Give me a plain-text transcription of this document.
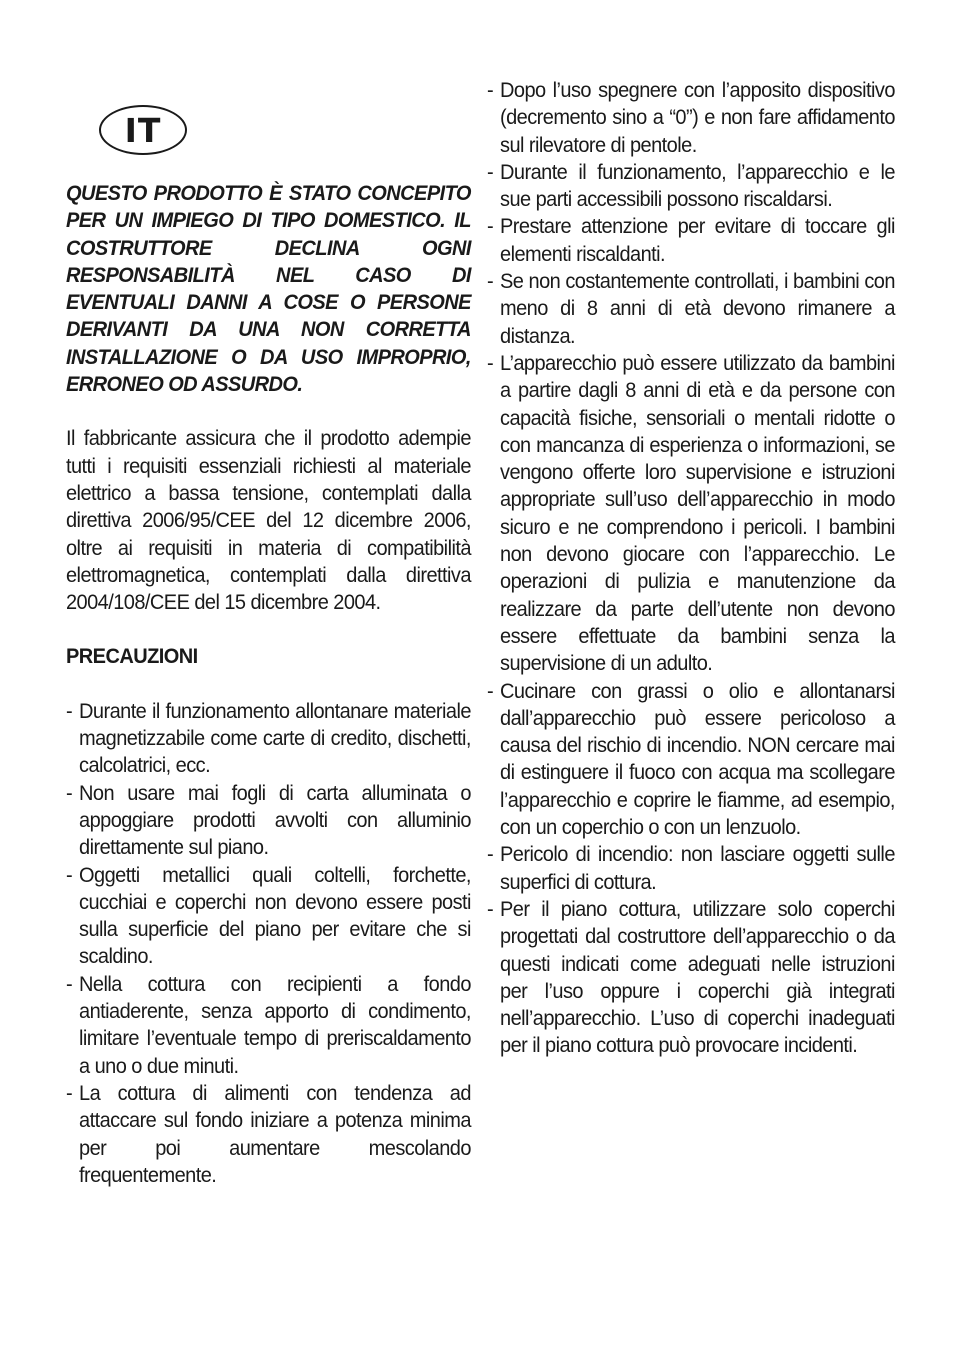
IT
QUESTO PRODOTTO È STATO CONCEPITO PER UN IMPIEGO DI TIPO DOMESTICO. IL COSTRUTTORE DECLINA OGNI RESPONSABILITÀ NEL CASO DI EVENTUALI DANNI A COSE O PERSONE DERIVANTI DA UNA NON CORRETTA INSTALLAZIONE O DA USO IMPROPRIO, ERRONEO OD ASSURDO.
Il fabbricante assicura che il prodotto adempie tutti i requisiti essenziali richiesti al materiale elettrico a bassa tensione, contemplati dalla direttiva 2006/95/CEE del 12 dicembre 2006, oltre ai requisiti in materia di compatibilità elettromagnetica, contemplati dalla direttiva 2004/108/CEE del 15 dicembre 2004.
PRECAUZIONI
- Durante il funzionamento allontanare materiale magnetizzabile come carte di credito, dischetti, calcolatrici, ecc.
- Non usare mai fogli di carta alluminata o appoggiare prodotti avvolti con alluminio direttamente sul piano.
- Oggetti metallici quali coltelli, forchette, cucchiai e coperchi non devono essere posti sulla superficie del piano per evitare che si scaldino.
- Nella cottura con recipienti a fondo antiaderente, senza apporto di condimento, limitare l’eventuale tempo di preriscaldamento a uno o due minuti.
- La cottura di alimenti con tendenza ad attaccare sul fondo iniziare a potenza minima per poi aumentare mescolando frequentemente.
- Dopo l’uso spegnere con l’apposito dispositivo (decremento sino a “0”) e non fare affidamento sul rilevatore di pentole.
- Durante il funzionamento, l’apparecchio e le sue parti accessibili possono riscaldarsi.
- Prestare attenzione per evitare di toccare gli elementi riscaldanti.
- Se non costantemente controllati, i bambini con meno di 8 anni di età devono rimanere a distanza.
- L’apparecchio può essere utilizzato da bambini a partire dagli 8 anni di età e da persone con capacità fisiche, sensoriali o mentali ridotte o con mancanza di esperienza o informazioni, se vengono offerte loro supervisione e istruzioni appropriate sull’uso dell’apparecchio in modo sicuro e ne comprendono i pericoli. I bambini non devono giocare con l’apparecchio. Le operazioni di pulizia e manutenzione da realizzare da parte dell’utente non devono essere effettuate da bambini senza la supervisione di un adulto.
- Cucinare con grassi o olio e allontanarsi dall’apparecchio può essere pericoloso a causa del rischio di incendio. NON cercare mai di estinguere il fuoco con acqua ma scollegare l’apparecchio e coprire le fiamme, ad esempio, con un coperchio o con un lenzuolo.
- Pericolo di incendio: non lasciare oggetti sulle superfici di cottura.
- Per il piano cottura, utilizzare solo coperchi progettati dal costruttore dell’apparecchio o da questi indicati come adeguati nelle istruzioni per l’uso oppure i coperchi già integrati nell’apparecchio. L’uso di coperchi inadeguati per il piano cottura può provocare incidenti.
